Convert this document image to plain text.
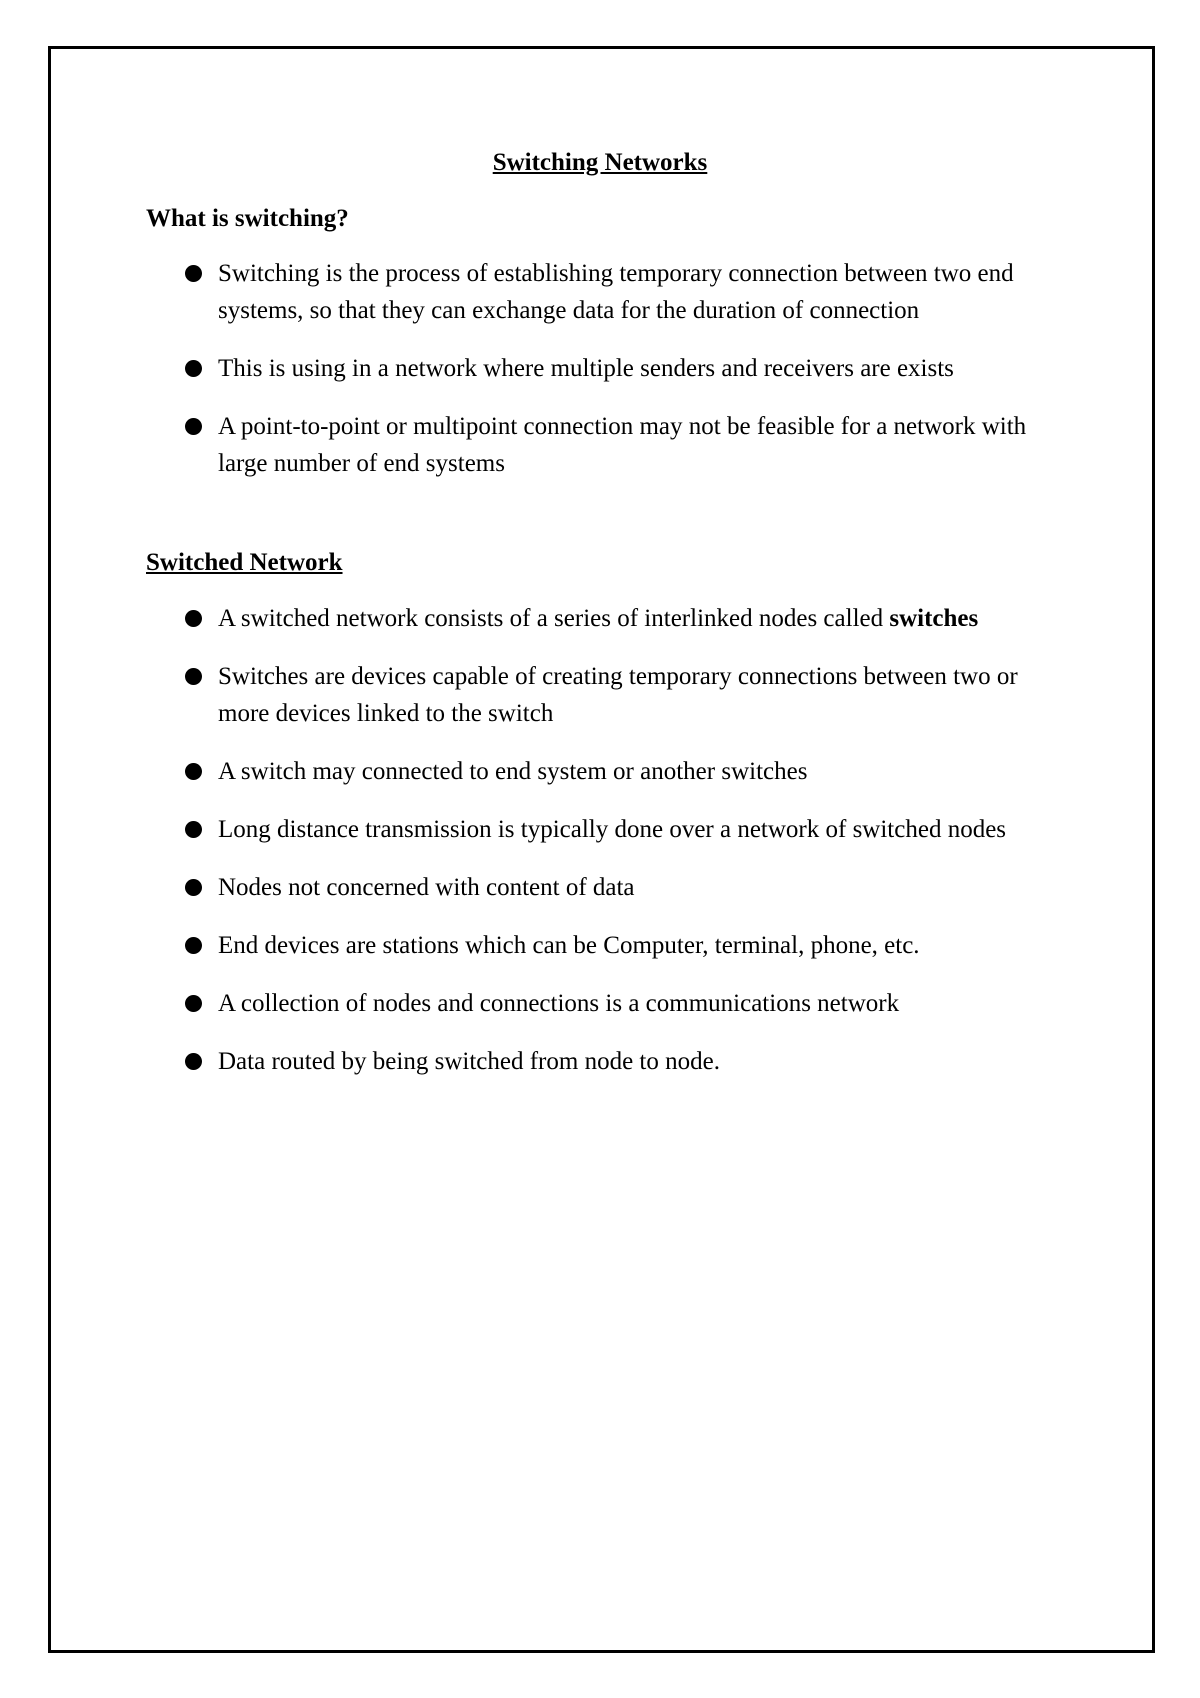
Switching Networks
What is switching?
Switching is the process of establishing temporary connection between two end systems, so that they can exchange data for the duration of connection
This is using in a network where multiple senders and receivers are exists
A point-to-point or multipoint connection may not be feasible for a network with large number of end systems
Switched Network
A switched network consists of a series of interlinked nodes called switches
Switches are devices capable of creating temporary connections between two or more devices linked to the switch
A switch may connected to end system or another switches
Long distance transmission is typically done over a network of switched nodes
Nodes not concerned with content of data
End devices are stations which can be Computer, terminal, phone, etc.
A collection of nodes and connections is a communications network
Data routed by being switched from node to node.
